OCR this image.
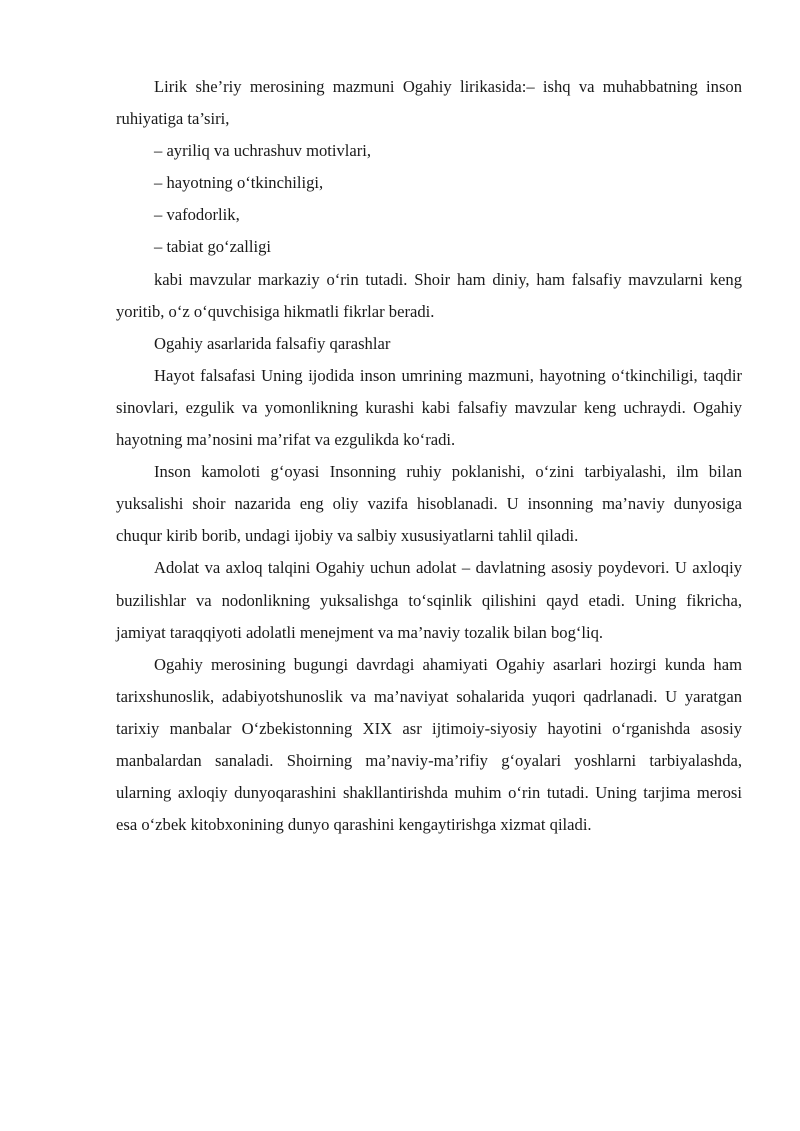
Lirik she’riy merosining mazmuni Ogahiy lirikasida:– ishq va muhabbatning inson ruhiyatiga ta’siri,

– ayriliq va uchrashuv motivlari,

– hayotning o‘tkinchiligi,

– vafodorlik,

– tabiat go‘zalligi

kabi mavzular markaziy o‘rin tutadi. Shoir ham diniy, ham falsafiy mavzularni keng yoritib, o‘z o‘quvchisiga hikmatli fikrlar beradi.

Ogahiy asarlarida falsafiy qarashlar

Hayot falsafasi Uning ijodida inson umrining mazmuni, hayotning o‘tkinchiligi, taqdir sinovlari, ezgulik va yomonlikning kurashi kabi falsafiy mavzular keng uchraydi. Ogahiy hayotning ma’nosini ma’rifat va ezgulikda ko‘radi.

Inson kamoloti g‘oyasi Insonning ruhiy poklanishi, o‘zini tarbiyalashi, ilm bilan yuksalishi shoir nazarida eng oliy vazifa hisoblanadi. U insonning ma’naviy dunyosiga chuqur kirib borib, undagi ijobiy va salbiy xususiyatlarni tahlil qiladi.

Adolat va axloq talqini Ogahiy uchun adolat – davlatning asosiy poydevori. U axloqiy buzilishlar va nodonlikning yuksalishga to‘sqinlik qilishini qayd etadi. Uning fikricha, jamiyat taraqqiyoti adolatli menejment va ma’naviy tozalik bilan bog‘liq.

Ogahiy merosining bugungi davrdagi ahamiyati Ogahiy asarlari hozirgi kunda ham tarixshunoslik, adabiyotshunoslik va ma’naviyat sohalarida yuqori qadrlanadi. U yaratgan tarixiy manbalar O‘zbekistonning XIX asr ijtimoiy-siyosiy hayotini o‘rganishda asosiy manbalardan sanaladi. Shoirning ma’naviy-ma’rifiy g‘oyalari yoshlarni tarbiyalashda, ularning axloqiy dunyoqarashini shakllantirishda muhim o‘rin tutadi. Uning tarjima merosi esa o‘zbek kitobxonining dunyo qarashini kengaytirishga xizmat qiladi.
